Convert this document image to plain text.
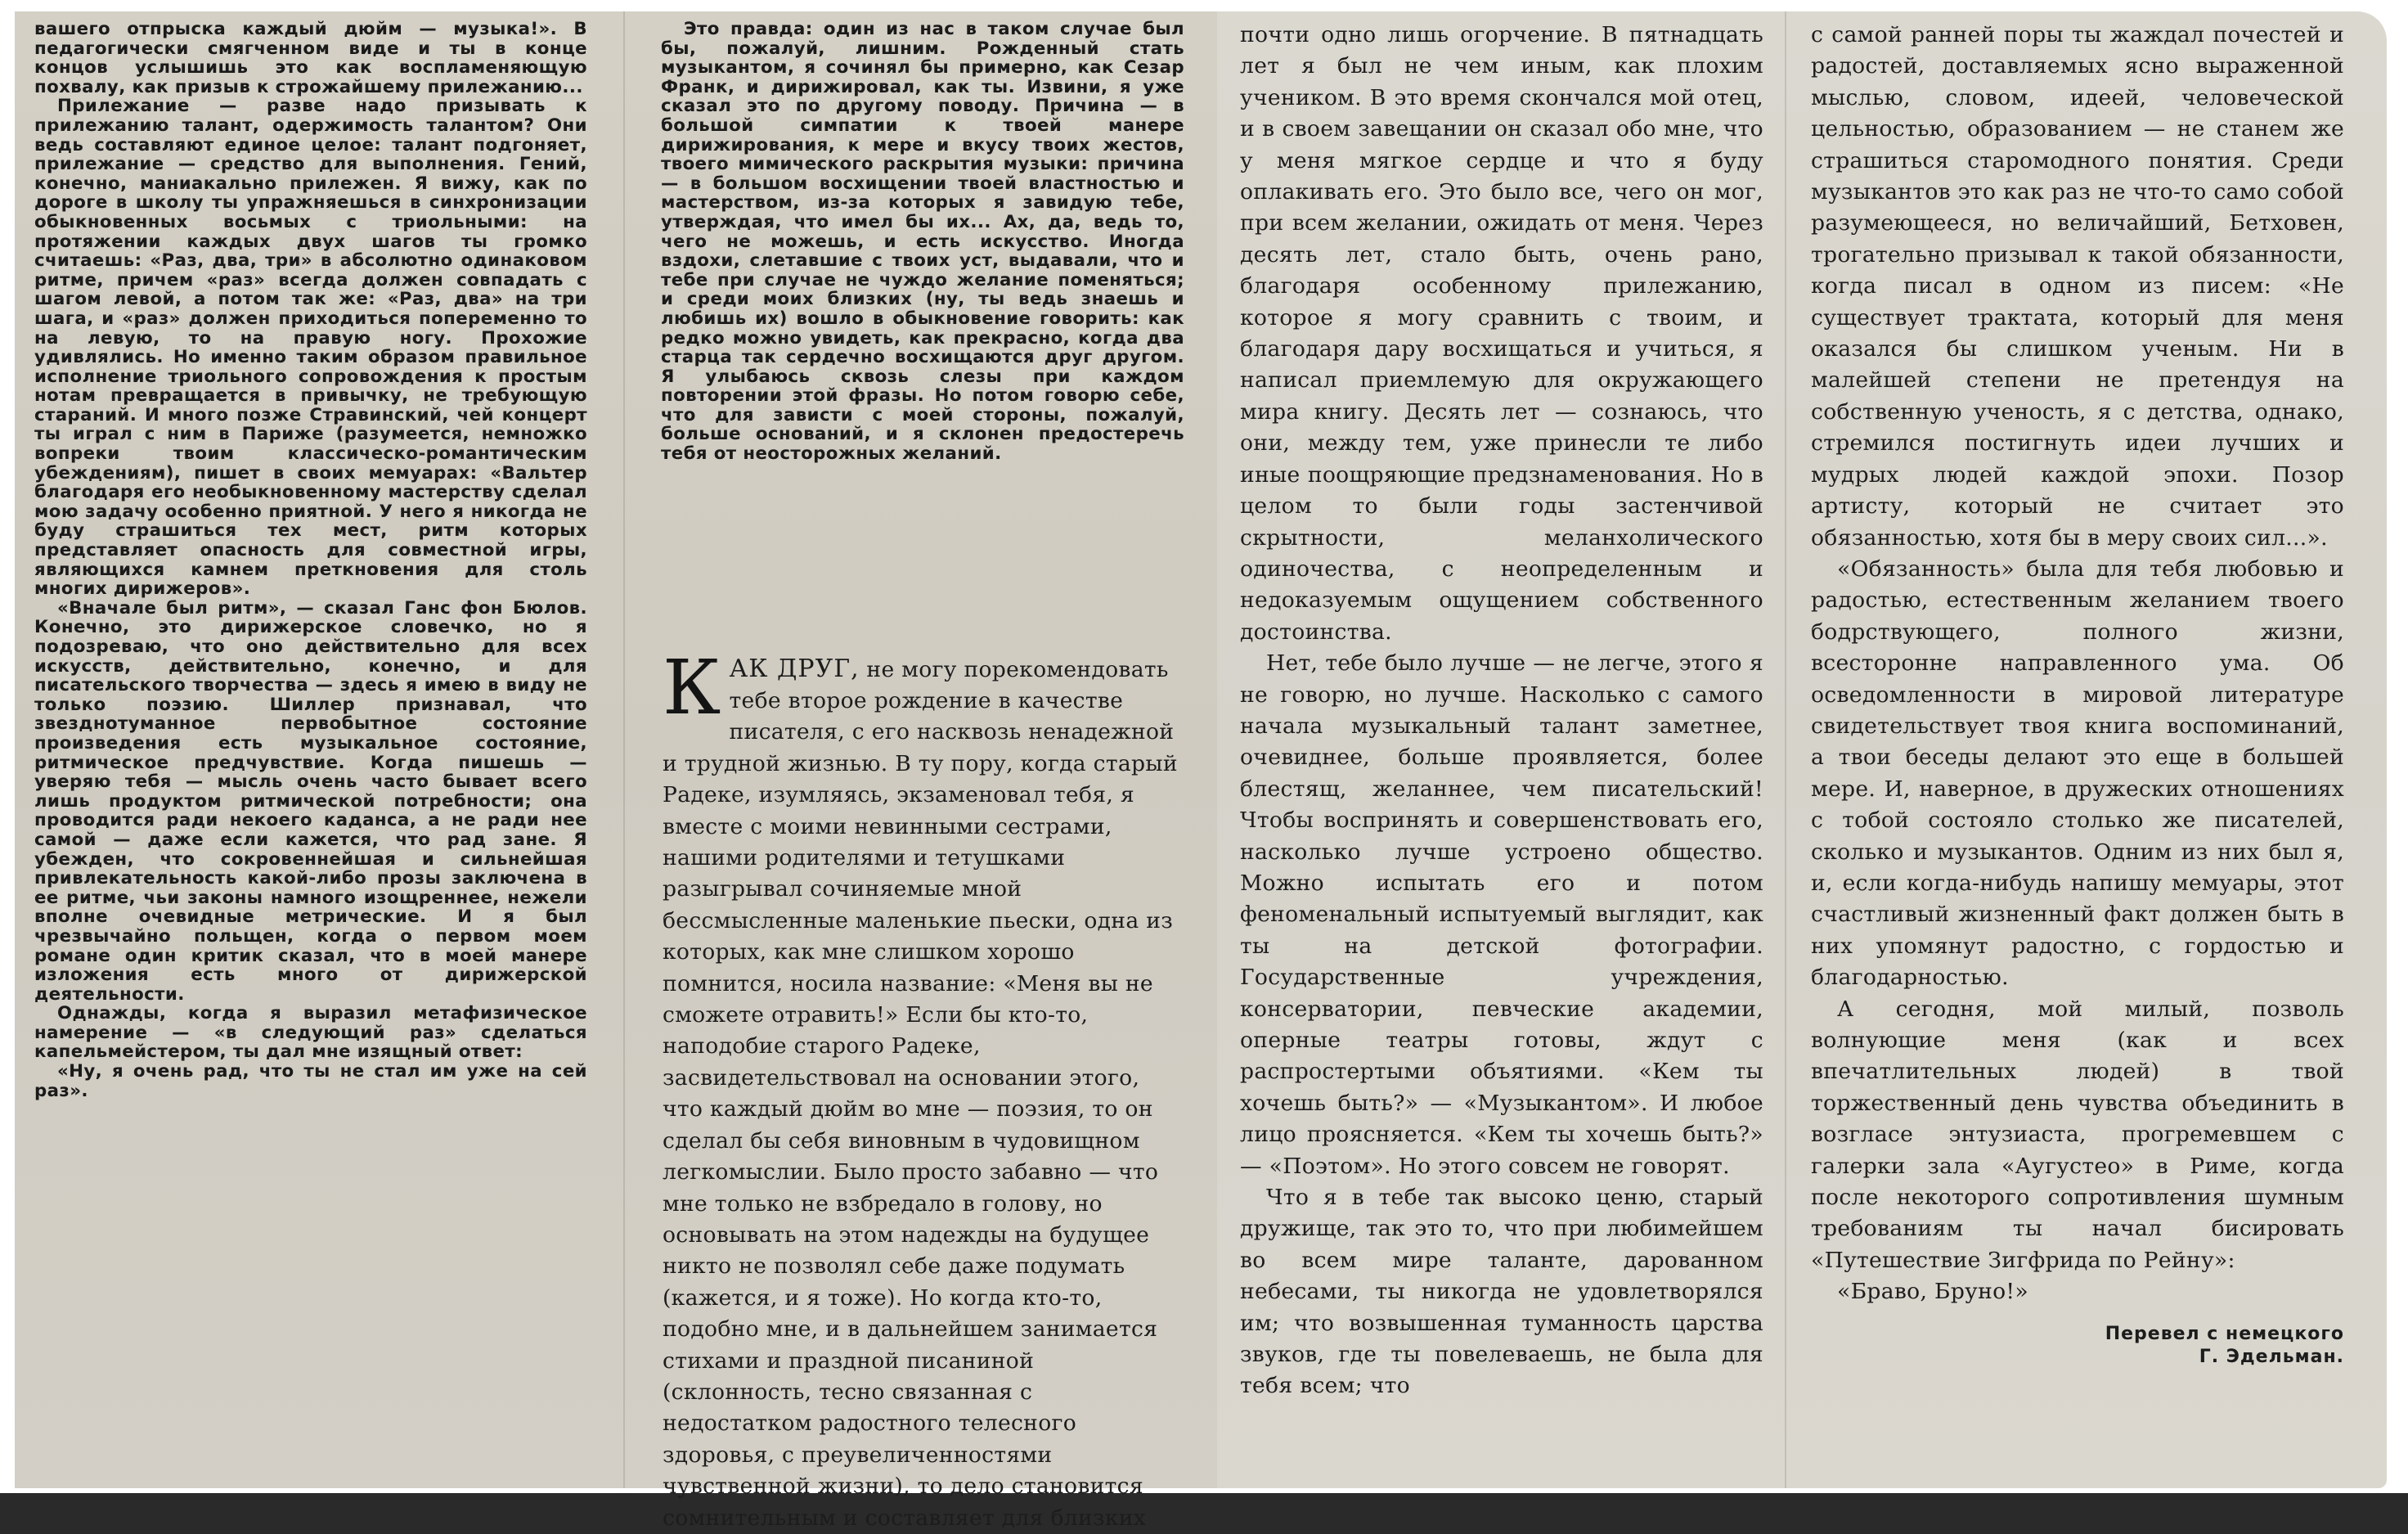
вашего отпрыска каждый дюйм — музыка!». В педагогически смягченном виде и ты в конце концов услышишь это как воспламеняющую похвалу, как призыв к строжайшему прилежанию...

Прилежание — разве надо призывать к прилежанию талант, одержимость талантом? Они ведь составляют единое целое: талант подгоняет, прилежание — средство для выполнения. Гений, конечно, маниакально прилежен. Я вижу, как по дороге в школу ты упражняешься в синхронизации обыкновенных восьмых с триольными: на протяжении каждых двух шагов ты громко считаешь: «Раз, два, три» в абсолютно одинаковом ритме, причем «раз» всегда должен совпадать с шагом левой, а потом так же: «Раз, два» на три шага, и «раз» должен приходиться попеременно то на левую, то на правую ногу. Прохожие удивлялись. Но именно таким образом правильное исполнение триольного сопровождения к простым нотам превращается в привычку, не требующую стараний. И много позже Стравинский, чей концерт ты играл с ним в Париже (разумеется, немножко вопреки твоим классическо-романтическим убеждениям), пишет в своих мемуарах: «Вальтер благодаря его необыкновенному мастерству сделал мою задачу особенно приятной. У него я никогда не буду страшиться тех мест, ритм которых представляет опасность для совместной игры, являющихся камнем преткновения для столь многих дирижеров».

«Вначале был ритм», — сказал Ганс фон Бюлов. Конечно, это дирижерское словечко, но я подозреваю, что оно действительно для всех искусств, действительно, конечно, и для писательского творчества — здесь я имею в виду не только поэзию. Шиллер признавал, что звезднотуманное первобытное состояние произведения есть музыкальное состояние, ритмическое предчувствие. Когда пишешь — уверяю тебя — мысль очень часто бывает всего лишь продуктом ритмической потребности; она проводится ради некоего каданса, а не ради нее самой — даже если кажется, что рад зане. Я убежден, что сокровеннейшая и сильнейшая привлекательность какой-либо прозы заключена в ее ритме, чьи законы намного изощреннее, нежели вполне очевидные метрические. И я был чрезвычайно польщен, когда о первом моем романе один критик сказал, что в моей манере изложения есть много от дирижерской деятельности.

Однажды, когда я выразил метафизическое намерение — «в следующий раз» сделаться капельмейстером, ты дал мне изящный ответ:

«Ну, я очень рад, что ты не стал им уже на сей раз».

Это правда: один из нас в таком случае был бы, пожалуй, лишним. Рожденный стать музыкантом, я сочинял бы примерно, как Сезар Франк, и дирижировал, как ты. Извини, я уже сказал это по другому поводу. Причина — в большой симпатии к твоей манере дирижирования, к мере и вкусу твоих жестов, твоего мимического раскрытия музыки: причина — в большом восхищении твоей властностью и мастерством, из-за которых я завидую тебе, утверждая, что имел бы их... Ах, да, ведь то, чего не можешь, и есть искусство. Иногда вздохи, слетавшие с твоих уст, выдавали, что и тебе при случае не чуждо желание поменяться; и среди моих близких (ну, ты ведь знаешь и любишь их) вошло в обыкновение говорить: как редко можно увидеть, как прекрасно, когда два старца так сердечно восхищаются друг другом. Я улыбаюсь сквозь слезы при каждом повторении этой фразы. Но потом говорю себе, что для зависти с моей стороны, пожалуй, больше оснований, и я склонен предостеречь тебя от неосторожных желаний.

КАК ДРУГ, не могу порекомендовать тебе второе рождение в качестве писателя, с его насквозь ненадежной и трудной жизнью. В ту пору, когда старый Радеке, изумляясь, экзаменовал тебя, я вместе с моими невинными сестрами, нашими родителями и тетушками разыгрывал сочиняемые мной бессмысленные маленькие пьески, одна из которых, как мне слишком хорошо помнится, носила название: «Меня вы не сможете отравить!» Если бы кто-то, наподобие старого Радеке, засвидетельствовал на основании этого, что каждый дюйм во мне — поэзия, то он сделал бы себя виновным в чудовищном легкомыслии. Было просто забавно — что мне только не взбредало в голову, но основывать на этом надежды на будущее никто не позволял себе даже подумать (кажется, и я тоже). Но когда кто-то, подобно мне, и в дальнейшем занимается стихами и праздной писаниной (склонность, тесно связанная с недостатком радостного телесного здоровья, с преувеличенностями чувственной жизни), то дело становится сомнительным и составляет для близких

почти одно лишь огорчение. В пятнадцать лет я был не чем иным, как плохим учеником. В это время скончался мой отец, и в своем завещании он сказал обо мне, что у меня мягкое сердце и что я буду оплакивать его. Это было все, чего он мог, при всем желании, ожидать от меня. Через десять лет, стало быть, очень рано, благодаря особенному прилежанию, которое я могу сравнить с твоим, и благодаря дару восхищаться и учиться, я написал приемлемую для окружающего мира книгу. Десять лет — сознаюсь, что они, между тем, уже принесли те либо иные поощряющие предзнаменования. Но в целом то были годы застенчивой скрытности, меланхолического одиночества, с неопределенным и недоказуемым ощущением собственного достоинства.

Нет, тебе было лучше — не легче, этого я не говорю, но лучше. Насколько с самого начала музыкальный талант заметнее, очевиднее, больше проявляется, более блестящ, желаннее, чем писательский! Чтобы воспринять и совершенствовать его, насколько лучше устроено общество. Можно испытать его и потом феноменальный испытуемый выглядит, как ты на детской фотографии. Государственные учреждения, консерватории, певческие академии, оперные театры готовы, ждут с распростертыми объятиями. «Кем ты хочешь быть?» — «Музыкантом». И любое лицо проясняется. «Кем ты хочешь быть?» — «Поэтом». Но этого совсем не говорят.

Что я в тебе так высоко ценю, старый дружище, так это то, что при любимейшем во всем мире таланте, дарованном небесами, ты никогда не удовлетворялся им; что возвышенная туманность царства звуков, где ты повелеваешь, не была для тебя всем; что

с самой ранней поры ты жаждал почестей и радостей, доставляемых ясно выраженной мыслью, словом, идеей, человеческой цельностью, образованием — не станем же страшиться старомодного понятия. Среди музыкантов это как раз не что-то само собой разумеющееся, но величайший, Бетховен, трогательно призывал к такой обязанности, когда писал в одном из писем: «Не существует трактата, который для меня оказался бы слишком ученым. Ни в малейшей степени не претендуя на собственную ученость, я с детства, однако, стремился постигнуть идеи лучших и мудрых людей каждой эпохи. Позор артисту, который не считает это обязанностью, хотя бы в меру своих сил...».

«Обязанность» была для тебя любовью и радостью, естественным желанием твоего бодрствующего, полного жизни, всесторонне направленного ума. Об осведомленности в мировой литературе свидетельствует твоя книга воспоминаний, а твои беседы делают это еще в большей мере. И, наверное, в дружеских отношениях с тобой состояло столько же писателей, сколько и музыкантов. Одним из них был я, и, если когда-нибудь напишу мемуары, этот счастливый жизненный факт должен быть в них упомянут радостно, с гордостью и благодарностью.

А сегодня, мой милый, позволь волнующие меня (как и всех впечатлительных людей) в твой торжественный день чувства объединить в возгласе энтузиаста, прогремевшем с галерки зала «Аугустео» в Риме, когда после некоторого сопротивления шумным требованиям ты начал бисировать «Путешествие Зигфрида по Рейну»:

«Браво, Бруно!»

Перевел с немецкого
Г. Эдельман.
